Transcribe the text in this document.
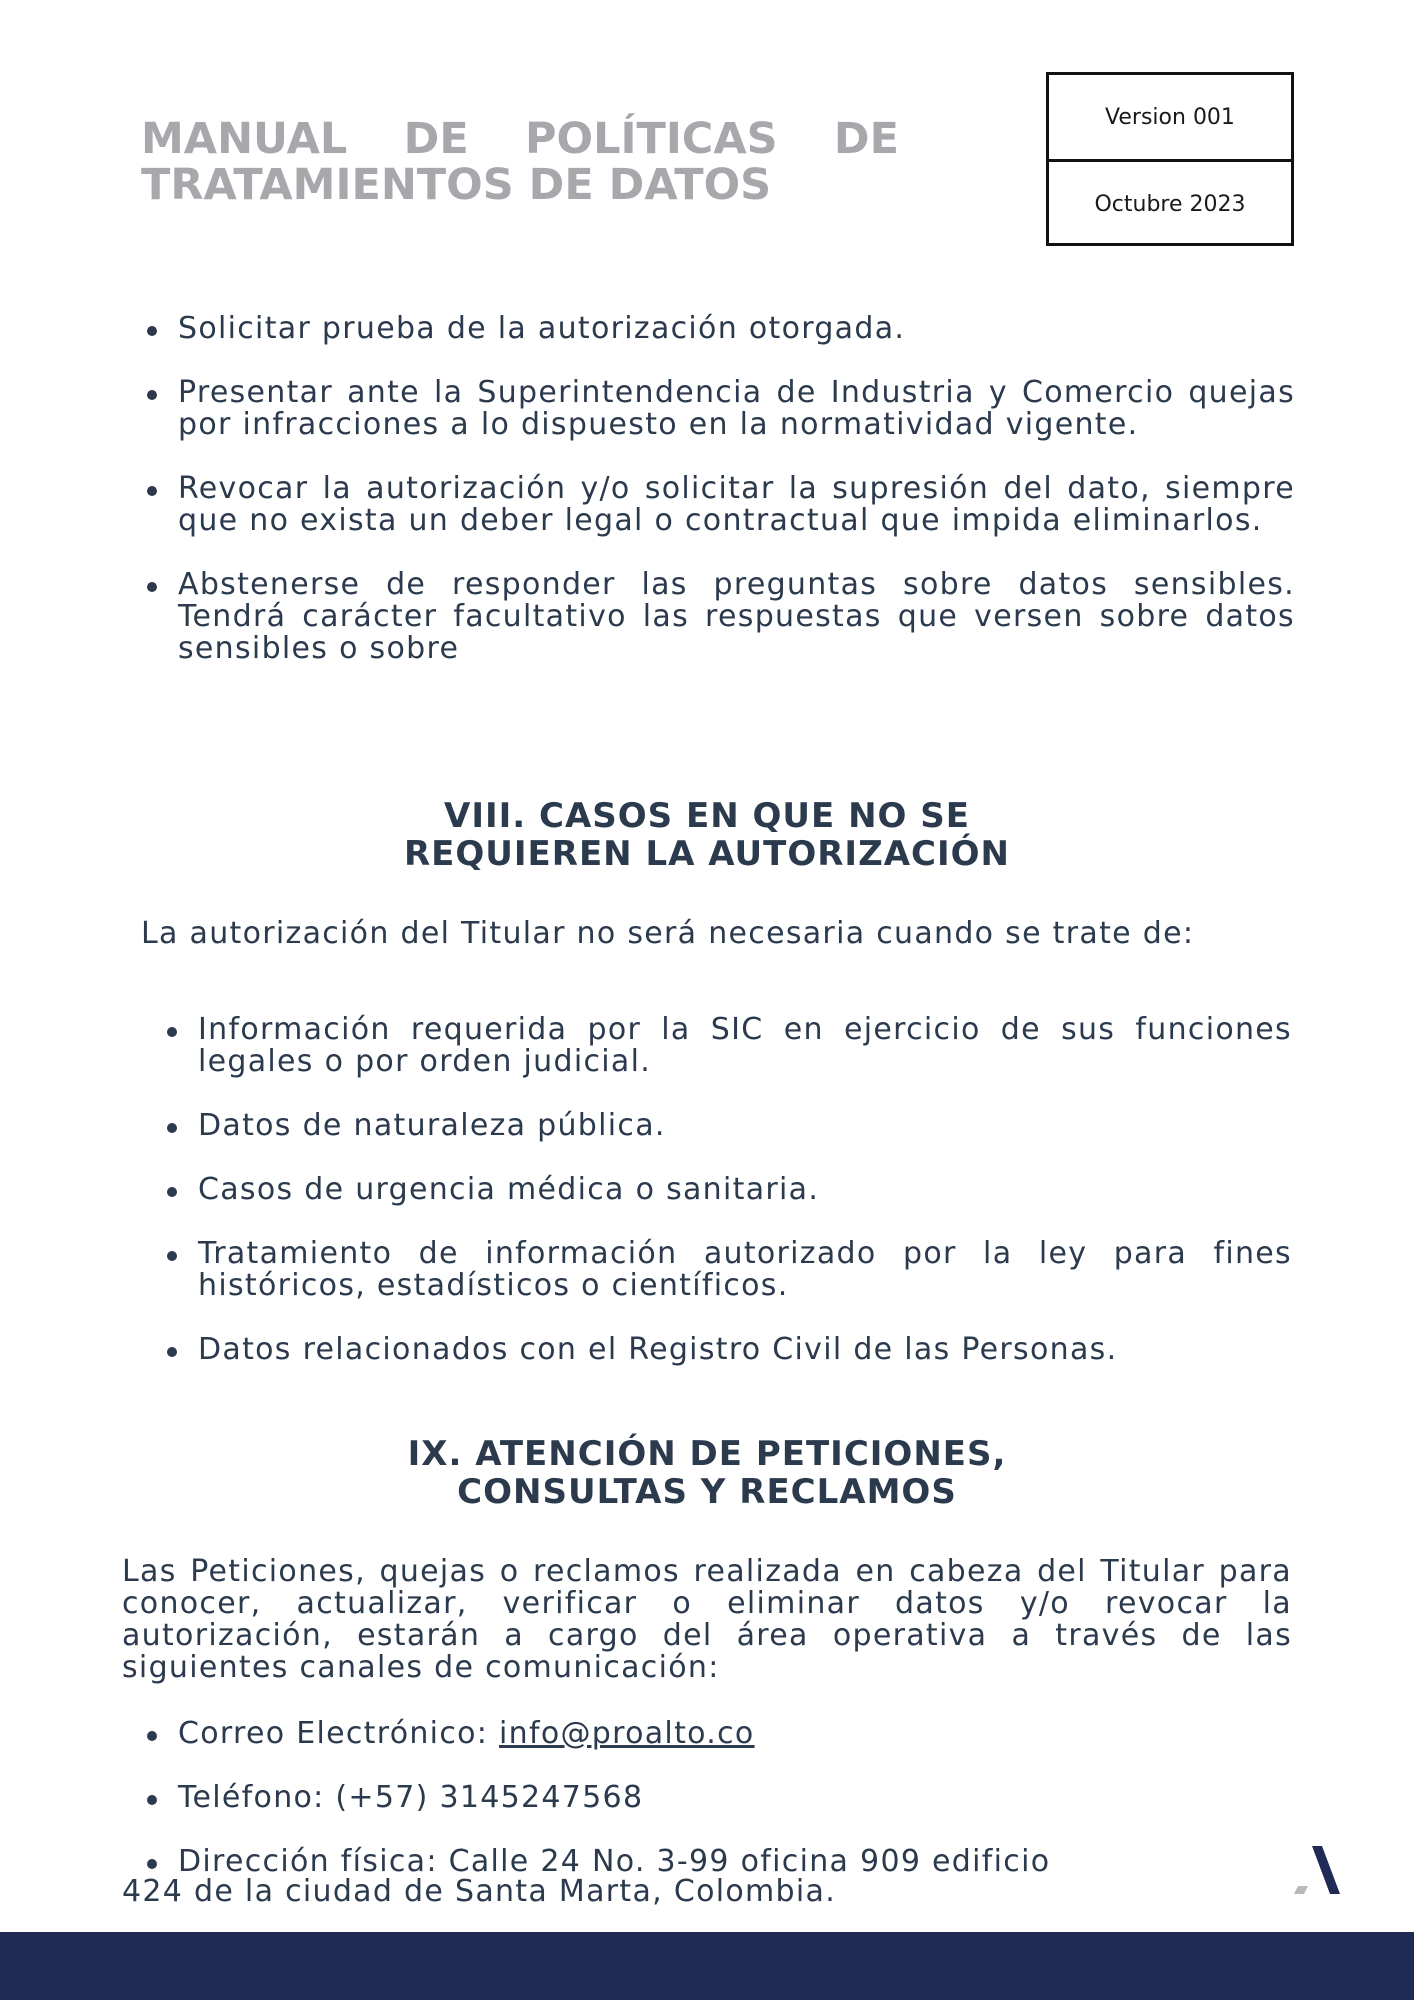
MANUAL DE POLÍTICAS DE TRATAMIENTOS DE DATOS
Version 001
Octubre 2023
Solicitar prueba de la autorización otorgada.
Presentar ante la Superintendencia de Industria y Comercio quejas por infracciones a lo dispuesto en la normatividad vigente.
Revocar la autorización y/o solicitar la supresión del dato, siempre que no exista un deber legal o contractual que impida eliminarlos.
Abstenerse de responder las preguntas sobre datos sensibles. Tendrá carácter facultativo las respuestas que versen sobre datos sensibles o sobre
VIII. CASOS EN QUE NO SE
REQUIEREN LA AUTORIZACIÓN

La autorización del Titular no será necesaria cuando se trate de:

Información requerida por la SIC en ejercicio de sus funciones legales o por orden judicial.
Datos de naturaleza pública.
Casos de urgencia médica o sanitaria.
Tratamiento de información autorizado por la ley para fines históricos, estadísticos o científicos.
Datos relacionados con el Registro Civil de las Personas.
IX. ATENCIÓN DE PETICIONES,
CONSULTAS Y RECLAMOS

Las Peticiones, quejas o reclamos realizada en cabeza del Titular para conocer, actualizar, verificar o eliminar datos y/o revocar la autorización, estarán a cargo del área operativa a través de las siguientes canales de comunicación:

Correo Electrónico: info@proalto.co
Teléfono: (+57) 3145247568
Dirección física: Calle 24 No. 3-99 oficina 909 edificio
424 de la ciudad de Santa Marta, Colombia.
